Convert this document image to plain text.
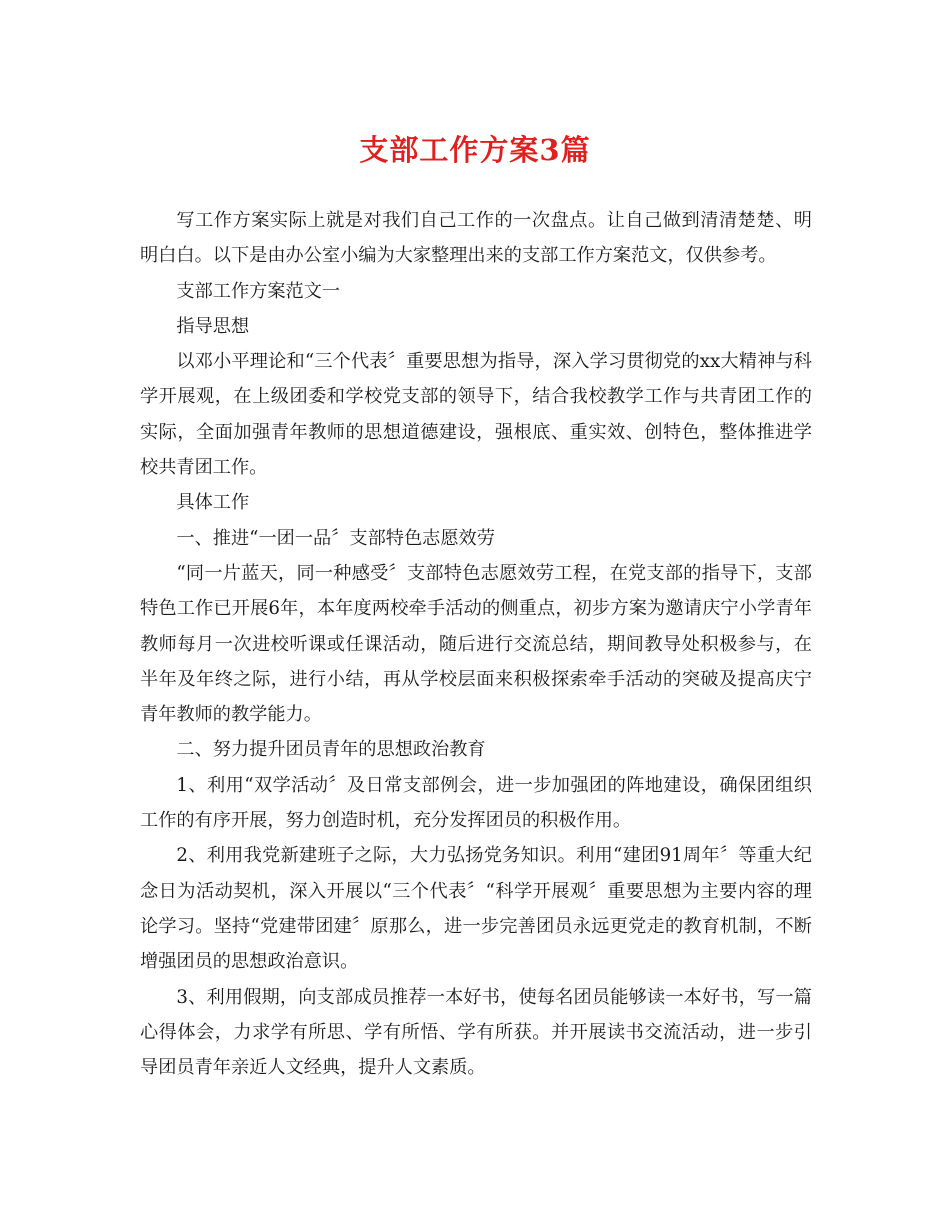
支部工作方案3篇

写工作方案实际上就是对我们自己工作的一次盘点。让自己做到清清楚楚、明明白白。以下是由办公室小编为大家整理出来的支部工作方案范文，仅供参考。

支部工作方案范文一

指导思想

以邓小平理论和“三个代表〞重要思想为指导，深入学习贯彻党的xx大精神与科学开展观，在上级团委和学校党支部的领导下，结合我校教学工作与共青团工作的实际，全面加强青年教师的思想道德建设，强根底、重实效、创特色，整体推进学校共青团工作。

具体工作

一、推进“一团一品〞支部特色志愿效劳

“同一片蓝天，同一种感受〞支部特色志愿效劳工程，在党支部的指导下，支部特色工作已开展6年，本年度两校牵手活动的侧重点，初步方案为邀请庆宁小学青年教师每月一次进校听课或任课活动，随后进行交流总结，期间教导处积极参与，在半年及年终之际，进行小结，再从学校层面来积极探索牵手活动的突破及提高庆宁青年教师的教学能力。

二、努力提升团员青年的思想政治教育

1、利用“双学活动〞及日常支部例会，进一步加强团的阵地建设，确保团组织工作的有序开展，努力创造时机，充分发挥团员的积极作用。

2、利用我党新建班子之际，大力弘扬党务知识。利用“建团91周年〞等重大纪念日为活动契机，深入开展以“三个代表〞“科学开展观〞重要思想为主要内容的理论学习。坚持“党建带团建〞原那么，进一步完善团员永远更党走的教育机制，不断增强团员的思想政治意识。

3、利用假期，向支部成员推荐一本好书，使每名团员能够读一本好书，写一篇心得体会，力求学有所思、学有所悟、学有所获。并开展读书交流活动，进一步引导团员青年亲近人文经典，提升人文素质。
